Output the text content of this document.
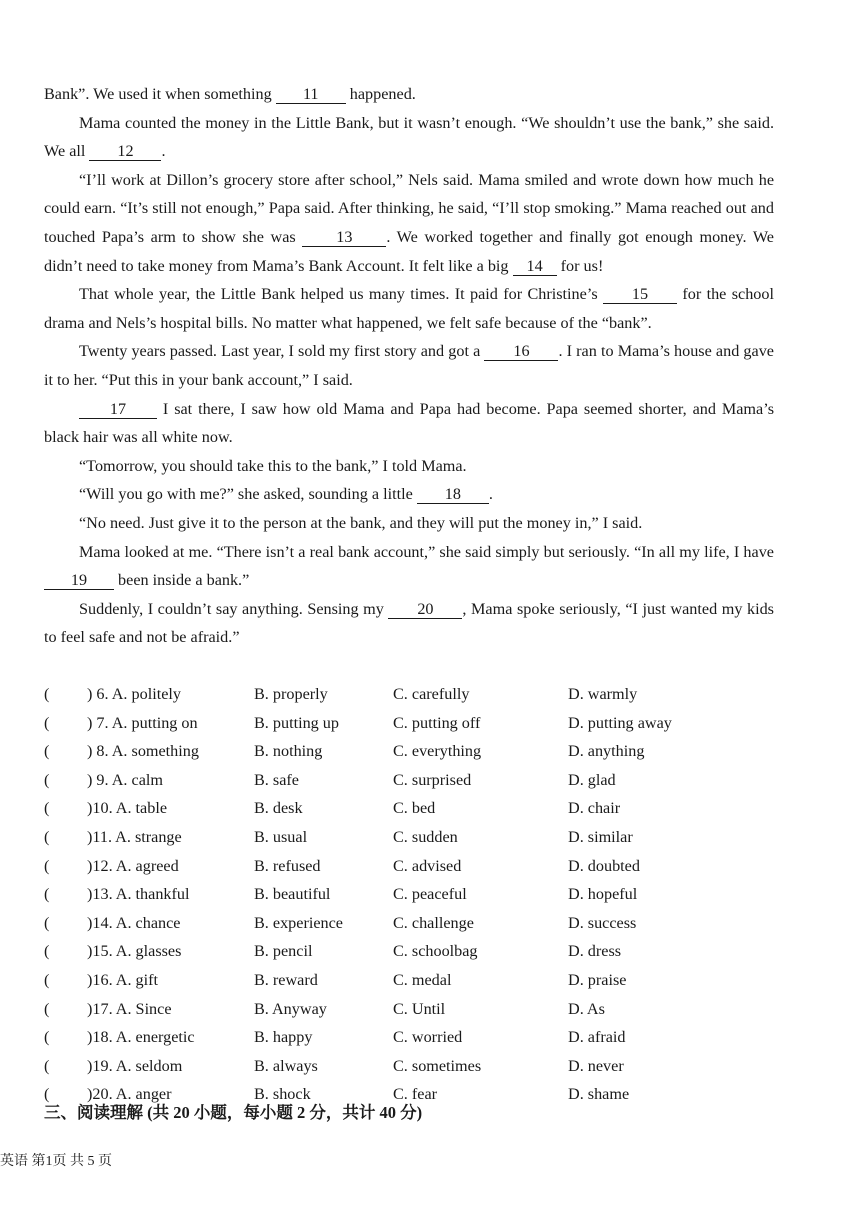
Bank”. We used it when something 11 happened.

Mama counted the money in the Little Bank, but it wasn’t enough. “We shouldn’t use the bank,” she said. We all 12 .

“I’ll work at Dillon’s grocery store after school,” Nels said. Mama smiled and wrote down how much he could earn. “It’s still not enough,” Papa said. After thinking, he said, “I’ll stop smoking.” Mama reached out and touched Papa’s arm to show she was 13 . We worked together and finally got enough money. We didn’t need to take money from Mama’s Bank Account. It felt like a big 14 for us!

That whole year, the Little Bank helped us many times. It paid for Christine’s 15 for the school drama and Nels’s hospital bills. No matter what happened, we felt safe because of the “bank”.

Twenty years passed. Last year, I sold my first story and got a 16 . I ran to Mama’s house and gave it to her. “Put this in your bank account,” I said.

17 I sat there, I saw how old Mama and Papa had become. Papa seemed shorter, and Mama’s black hair was all white now.

“Tomorrow, you should take this to the bank,” I told Mama.

“Will you go with me?” she asked, sounding a little 18 .

“No need. Just give it to the person at the bank, and they will put the money in,” I said.

Mama looked at me. “There isn’t a real bank account,” she said simply but seriously. “In all my life, I have 19 been inside a bank.”

Suddenly, I couldn’t say anything. Sensing my 20 , Mama spoke seriously, “I just wanted my kids to feel safe and not be afraid.”

( ) 6. A. politely	B. properly	C. carefully	D. warmly
( ) 7. A. putting on	B. putting up	C. putting off	D. putting away
( ) 8. A. something	B. nothing	C. everything	D. anything
( ) 9. A. calm	B. safe	C. surprised	D. glad
( )10. A. table	B. desk	C. bed	D. chair
( )11. A. strange	B. usual	C. sudden	D. similar
( )12. A. agreed	B. refused	C. advised	D. doubted
( )13. A. thankful	B. beautiful	C. peaceful	D. hopeful
( )14. A. chance	B. experience	C. challenge	D. success
( )15. A. glasses	B. pencil	C. schoolbag	D. dress
( )16. A. gift	B. reward	C. medal	D. praise
( )17. A. Since	B. Anyway	C. Until	D. As
( )18. A. energetic	B. happy	C. worried	D. afraid
( )19. A. seldom	B. always	C. sometimes	D. never
( )20. A. anger	B. shock	C. fear	D. shame
三、阅读理解 (共 20 小题，每小题 2 分，共计 40 分)
英语 第1页 共 5 页
